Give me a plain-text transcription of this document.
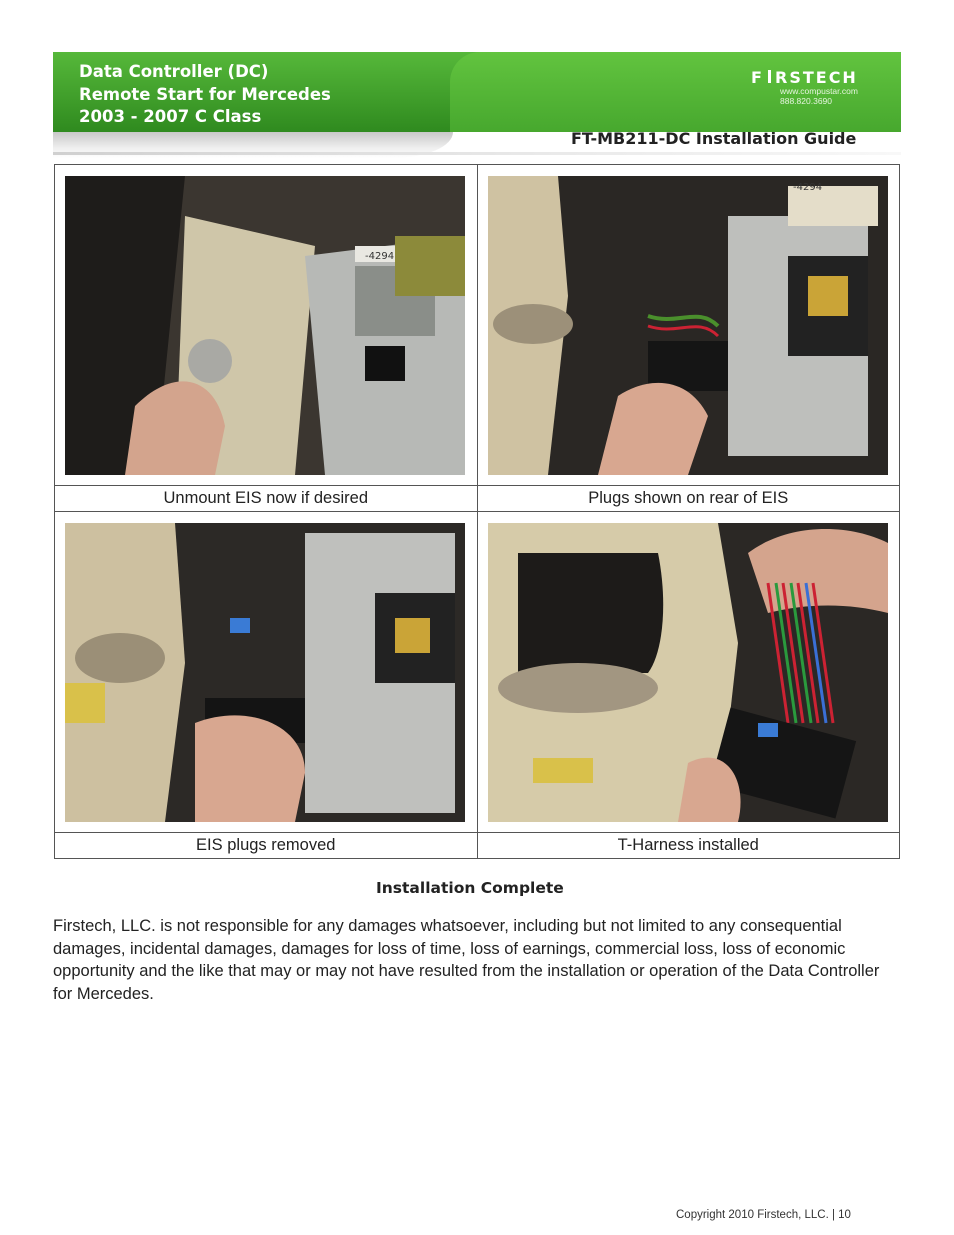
Data Controller (DC)
Remote Start for Mercedes
2003 - 2007 C Class
F RSTECH
www.compustar.com
888.820.3690
FT-MB211-DC Installation Guide
-4294	-4294

Unmount EIS now if desired	Plugs shown on rear of EIS

EIS plugs removed	T-Harness installed
Installation Complete
Firstech, LLC. is not responsible for any damages whatsoever, including but not limited to any consequential damages, incidental damages, damages for loss of time, loss of earnings, commercial loss, loss of economic opportunity and the like that may or may not have resulted from the installation or operation of the Data Controller for Mercedes.
Copyright 2010 Firstech, LLC. | 10
